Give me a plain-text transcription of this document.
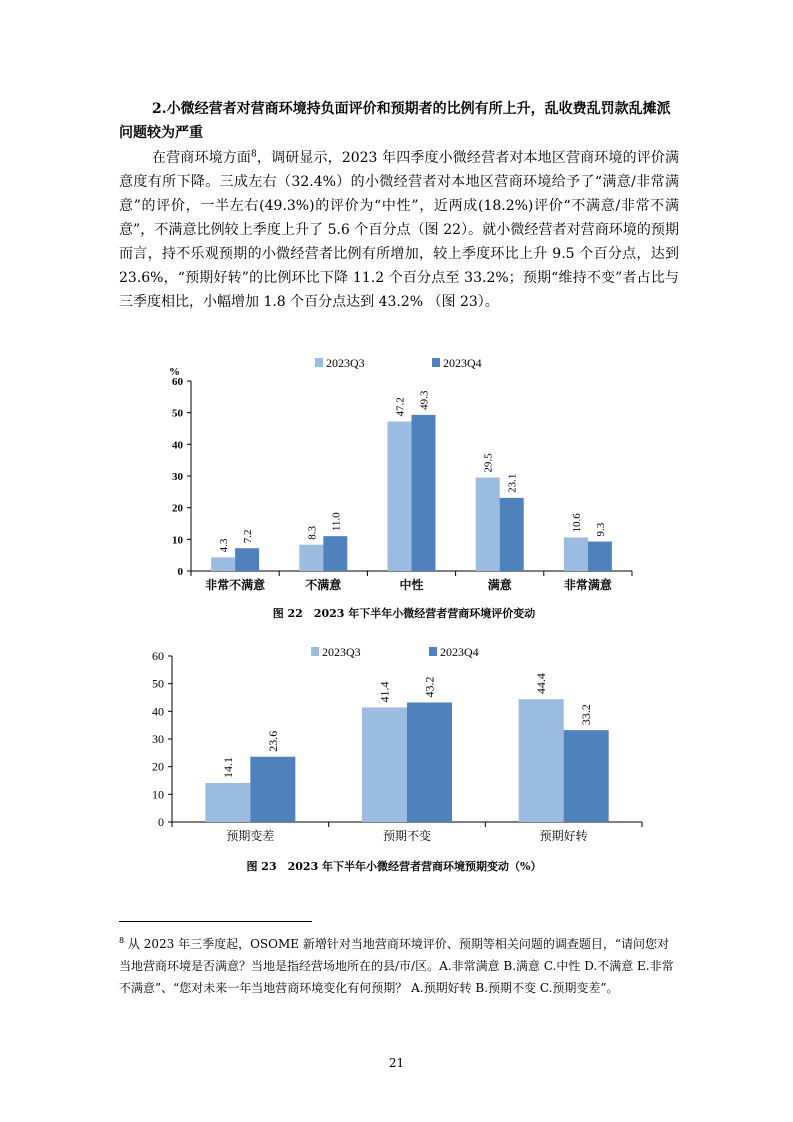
2.小微经营者对营商环境持负面评价和预期者的比例有所上升，乱收费乱罚款乱摊派问题较为严重

在营商环境方面$^8$，调研显示，2023 年四季度小微经营者对本地区营商环境的评价满意度有所下降。三成左右（32.4%）的小微经营者对本地区营商环境给予了“满意/非常满意”的评价，一半左右(49.3%)的评价为“中性”，近两成(18.2%)评价“不满意/非常不满意”，不满意比例较上季度上升了 5.6 个百分点（图 22）。就小微经营者对营商环境的预期而言，持不乐观预期的小微经营者比例有所增加，较上季度环比上升 9.5 个百分点，达到 23.6%，“预期好转”的比例环比下降 11.2 个百分点至 33.2%；预期“维持不变”者占比与三季度相比，小幅增加 1.8 个百分点达到 43.2% （图 23）。

0
10
20
30
40
50
60
%
4.3
7.2
非常不满意
8.3
11.0
不满意
47.2 49.3
中性
29.5
23.1
满意
10.6 9.3
非常满意
2023Q3	2023Q4
图 22　2023 年下半年小微经营者营商环境评价变动
0
10
20
30
40
50
60
14.1
23.6
预期变差
41.4	43.2
预期不变
44.4
33.2
预期好转
2023Q3	2023Q4
图 23　2023 年下半年小微经营者营商环境预期变动（%）

$^8$ 从 2023 年三季度起，OSOME 新增针对当地营商环境评价、预期等相关问题的调查题目，“请问您对当地营商环境是否满意？当地是指经营场地所在的县/市/区。A.非常满意 B.满意 C.中性 D.不满意 E.非常不满意”、“您对未来一年当地营商环境变化有何预期？ A.预期好转 B.预期不变 C.预期变差”。

21
